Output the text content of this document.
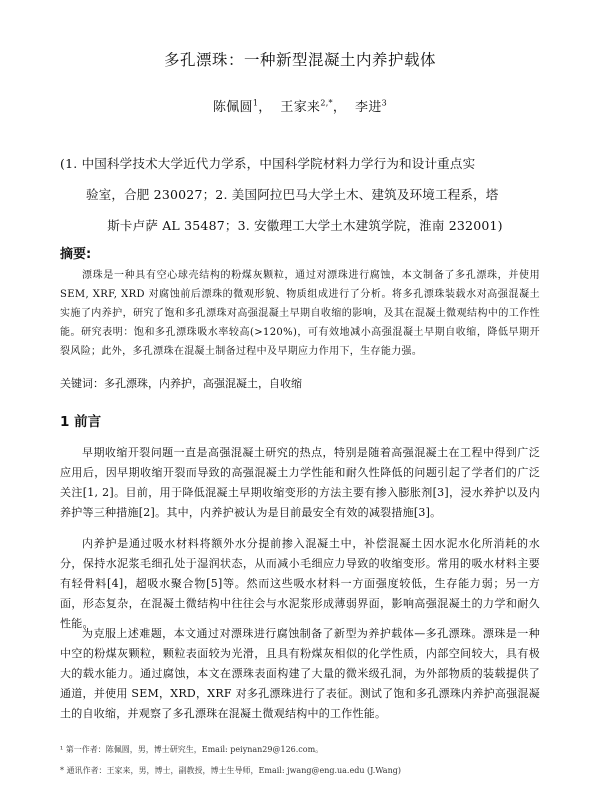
多孔漂珠：一种新型混凝土内养护载体
陈佩圆$^1$，  王家来$^{2,*}$，  李进$^3$
(1. 中国科学技术大学近代力学系，中国科学院材料力学行为和设计重点实
验室，合肥 230027；2. 美国阿拉巴马大学土木、建筑及环境工程系，塔
斯卡卢萨 AL 35487；3. 安徽理工大学土木建筑学院，淮南 232001)
摘要:
漂珠是一种具有空心球壳结构的粉煤灰颗粒，通过对漂珠进行腐蚀，本文制备了多孔漂珠，并使用 SEM, XRF, XRD 对腐蚀前后漂珠的微观形貌、物质组成进行了分析。将多孔漂珠装载水对高强混凝土实施了内养护，研究了饱和多孔漂珠对高强混凝土早期自收缩的影响，及其在混凝土微观结构中的工作性能。研究表明：饱和多孔漂珠吸水率较高(>120%)，可有效地减小高强混凝土早期自收缩，降低早期开裂风险；此外，多孔漂珠在混凝土制备过程中及早期应力作用下，生存能力强。
关键词：多孔漂珠，内养护，高强混凝土，自收缩
1 前言
早期收缩开裂问题一直是高强混凝土研究的热点，特别是随着高强混凝土在工程中得到广泛应用后，因早期收缩开裂而导致的高强混凝土力学性能和耐久性降低的问题引起了学者们的广泛关注[1, 2]。目前，用于降低混凝土早期收缩变形的方法主要有掺入膨胀剂[3]，浸水养护以及内养护等三种措施[2]。其中，内养护被认为是目前最安全有效的减裂措施[3]。
内养护是通过吸水材料将额外水分提前掺入混凝土中，补偿混凝土因水泥水化所消耗的水分，保持水泥浆毛细孔处于湿润状态，从而减小毛细应力导致的收缩变形。常用的吸水材料主要有轻骨料[4]，超吸水聚合物[5]等。然而这些吸水材料一方面强度较低，生存能力弱；另一方面，形态复杂，在混凝土微结构中往往会与水泥浆形成薄弱界面，影响高强混凝土的力学和耐久性能。
为克服上述难题，本文通过对漂珠进行腐蚀制备了新型为养护载体—多孔漂珠。漂珠是一种中空的粉煤灰颗粒，颗粒表面较为光滑，且具有粉煤灰相似的化学性质，内部空间较大，具有极大的载水能力。通过腐蚀，本文在漂珠表面构建了大量的微米级孔洞，为外部物质的装载提供了通道，并使用 SEM，XRD，XRF 对多孔漂珠进行了表征。测试了饱和多孔漂珠内养护高强混凝土的自收缩，并观察了多孔漂珠在混凝土微观结构中的工作性能。
¹ 第一作者：陈佩圆，男，博士研究生，Email: peiynan29@126.com。
* 通讯作者：王家来，男，博士，副教授，博士生导师，Email: jwang@eng.ua.edu (J.Wang)
